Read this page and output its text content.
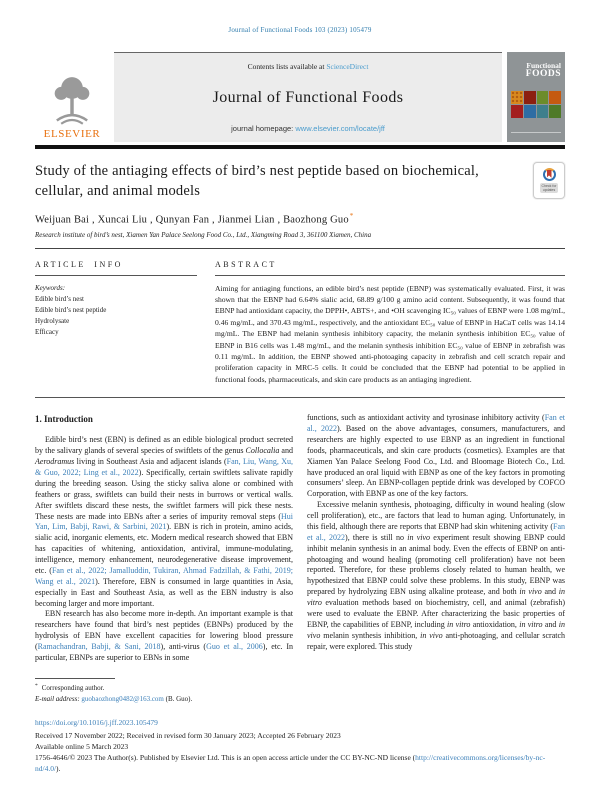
Journal of Functional Foods 103 (2023) 105479
ELSEVIER
Contents lists available at ScienceDirect
Journal of Functional Foods
journal homepage: www.elsevier.com/locate/jff
Functional
FOODS
Study of the antiaging effects of bird’s nest peptide based on biochemical, cellular, and animal models	Check for
updates
Weijuan Bai , Xuncai Liu , Qunyan Fan , Jianmei Lian , Baozhong Guo*
Research institute of bird’s nest, Xiamen Yan Palace Seelong Food Co., Ltd., Xiangming Road 3, 361100 Xiamen, China
ARTICLE INFO
Keywords:
Edible bird’s nest
Edible bird’s nest peptide
Hydrolysate
Efficacy
ABSTRACT

Aiming for antiaging functions, an edible bird’s nest peptide (EBNP) was systematically evaluated. First, it was shown that the EBNP had 6.64% sialic acid, 68.89 g/100 g amino acid content. Subsequently, it was found that EBNP had antioxidant capacity, the DPPH•, ABTS+, and •OH scavenging IC₅₀ values of EBNP were 1.08 mg/mL, 0.46 mg/mL, and 370.43 mg/mL, respectively, and the antioxidant EC₅₀ value of EBNP in HaCaT cells was 14.14 mg/mL. The EBNP had melanin synthesis inhibitory capacity, the melanin synthesis inhibition EC₅₀ value of EBNP in B16 cells was 1.48 mg/mL, and the melanin synthesis inhibition EC₅₀ value of EBNP in zebrafish was 0.11 mg/mL. In addition, the EBNP showed anti-photoaging capacity in zebrafish and cell scratch repair and proliferation capacity in MRC-5 cells. It could be concluded that the EBNP had potential to be applied in functional foods, pharmaceuticals, and skin care products as an antiaging ingredient.

1. Introduction

Edible bird’s nest (EBN) is defined as an edible biological product secreted by the salivary glands of several species of swiftlets of the genus Collocalia and Aerodramus living in Southeast Asia and adjacent islands (Fan, Liu, Wang, Xu, & Guo, 2022; Ling et al., 2022). Specifically, certain swiftlets salivate rapidly during the breeding season. Using the sticky saliva alone or combined with feathers or grass, swiftlets can build their nests in burrows or vertical walls. After swiftlets discard these nests, the swiftlet farmers will pick these nests. These nests are made into EBNs after a series of impurity removal steps (Hui Yan, Lim, Babji, Rawi, & Sarbini, 2021). EBN is rich in protein, amino acids, sialic acid, inorganic elements, etc. Modern medical research showed that EBN has capacities of whitening, antioxidation, antiviral, immune-modulating, intelligence, memory enhancement, neurodegenerative disease improvement, etc. (Fan et al., 2022; Jamalluddin, Tukiran, Ahmad Fadzillah, & Fathi, 2019; Wang et al., 2021). Therefore, EBN is consumed in large quantities in Asia, especially in East and Southeast Asia, as well as the EBN industry is also becoming larger and more important.

EBN research has also become more in-depth. An important example is that researchers have found that bird’s nest peptides (EBNPs) produced by the hydrolysis of EBN have excellent capacities for lowering blood pressure (Ramachandran, Babji, & Sani, 2018), anti-virus (Guo et al., 2006), etc. In particular, EBNPs are superior to EBNs in some

* Corresponding author.
E-mail address: guobaozhong0482@163.com (B. Guo).

functions, such as antioxidant activity and tyrosinase inhibitory activity (Fan et al., 2022). Based on the above advantages, consumers, manufacturers, and researchers are highly expected to use EBNP as an ingredient in functional foods, pharmaceuticals, and skin care products (cosmetics). Examples are that Xiamen Yan Palace Seelong Food Co., Ltd. and Bloomage Biotech Co., Ltd. have produced an oral liquid with EBNP as one of the key factors in promoting consumers’ sleep. An EBNP-collagen peptide drink was developed by COFCO Corporation, with EBNP as one of the key factors.

Excessive melanin synthesis, photoaging, difficulty in wound healing (slow cell proliferation), etc., are factors that lead to human aging. Unfortunately, in this field, although there are reports that EBNP had skin whitening activity (Fan et al., 2022), there is still no in vivo experiment result showing EBNP could inhibit melanin synthesis in an animal body. Even the effects of EBNP on anti-photoaging and wound healing (promoting cell proliferation) have not been reported. Therefore, for these problems closely related to human health, we hypothesized that EBNP could solve these problems. In this study, EBNP was prepared by hydrolyzing EBN using alkaline protease, and both in vivo and in vitro evaluation methods based on biochemistry, cell, and animal (zebrafish) were used to evaluate the EBNP. After characterizing the basic properties of EBNP, the capabilities of EBNP, including in vitro antioxidation, in vitro and in vivo melanin synthesis inhibition, in vivo anti-photoaging, and cellular scratch repair, were explored. This study

https://doi.org/10.1016/j.jff.2023.105479
Received 17 November 2022; Received in revised form 30 January 2023; Accepted 26 February 2023
Available online 5 March 2023
1756-4646/© 2023 The Author(s). Published by Elsevier Ltd. This is an open access article under the CC BY-NC-ND license (http://creativecommons.org/licenses/by-nc-nd/4.0/).
